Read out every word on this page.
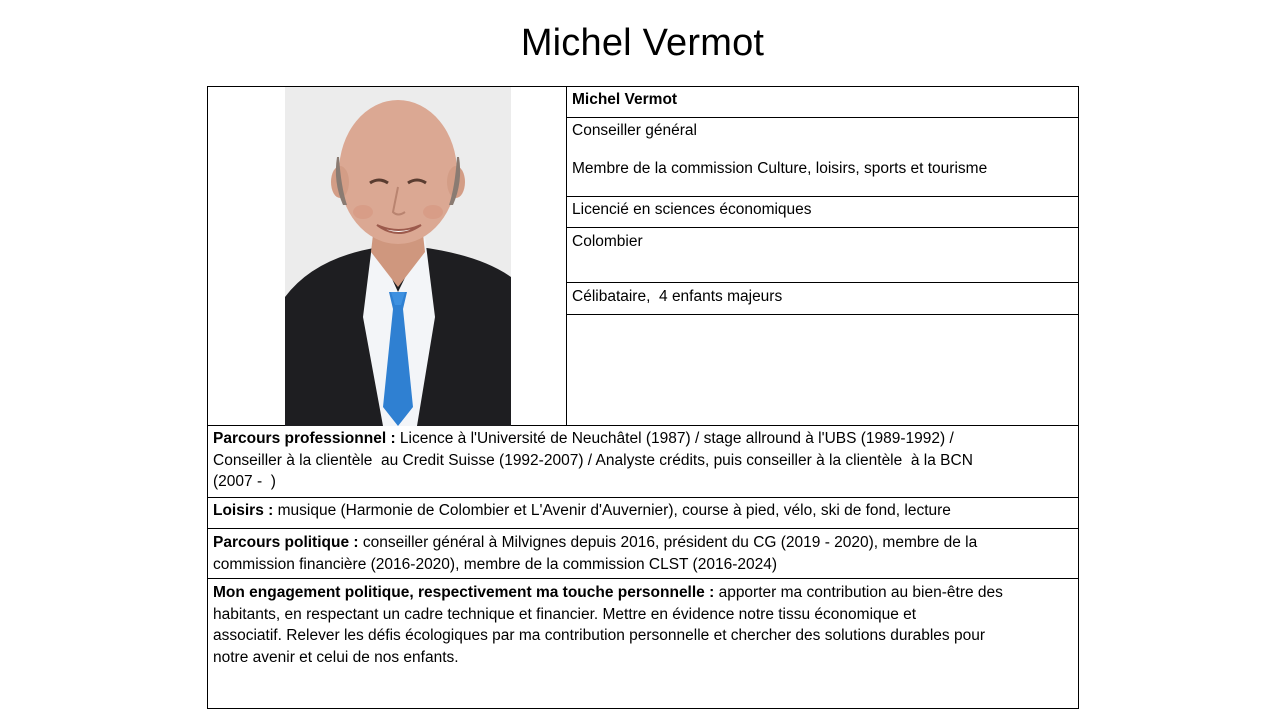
Michel Vermot
Michel Vermot
Conseiller général
Membre de la commission Culture, loisirs, sports et tourisme
Licencié en sciences économiques
Colombier
Célibataire,  4 enfants majeurs
Parcours professionnel : Licence à l'Université de Neuchâtel (1987) / stage allround à l'UBS (1989-1992) /
Conseiller à la clientèle  au Credit Suisse (1992-2007) / Analyste crédits, puis conseiller à la clientèle  à la BCN
(2007 -  )
Loisirs : musique (Harmonie de Colombier et L'Avenir d'Auvernier), course à pied, vélo, ski de fond, lecture
Parcours politique : conseiller général à Milvignes depuis 2016, président du CG (2019 - 2020), membre de la
commission financière (2016-2020), membre de la commission CLST (2016-2024)
Mon engagement politique, respectivement ma touche personnelle : apporter ma contribution au bien-être des
habitants, en respectant un cadre technique et financier. Mettre en évidence notre tissu économique et
associatif. Relever les défis écologiques par ma contribution personnelle et chercher des solutions durables pour
notre avenir et celui de nos enfants.
